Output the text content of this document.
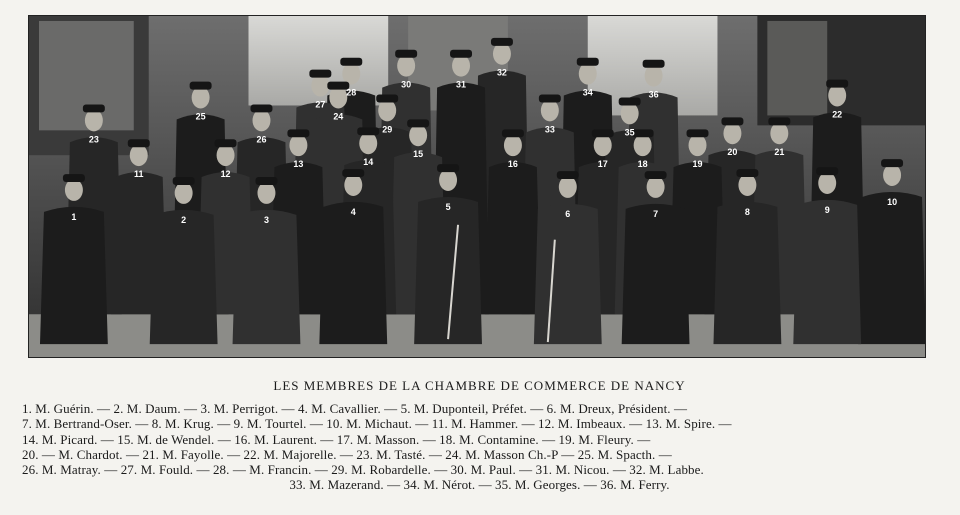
1	2	3
4	5
6	7	8	9
10
11	12
13	14
15
16	17	18	19
20	21
22
23
24
25
26
27
28
29
30	31
32
33
34
35
36
LES MEMBRES DE LA CHAMBRE DE COMMERCE DE NANCY
1. M. Guérin. — 2. M. Daum. — 3. M. Perrigot. — 4. M. Cavallier. — 5. M. Duponteil, Préfet. — 6. M. Dreux, Président. —
7. M. Bertrand-Oser. — 8. M. Krug. — 9. M. Tourtel. — 10. M. Michaut. — 11. M. Hammer. — 12. M. Imbeaux. — 13. M. Spire. —
14. M. Picard. — 15. M. de Wendel. — 16. M. Laurent. — 17. M. Masson. — 18. M. Contamine. — 19. M. Fleury. —
20. — M. Chardot. — 21. M. Fayolle. — 22. M. Majorelle. — 23. M. Tasté. — 24. M. Masson Ch.-P — 25. M. Spacth. —
26. M. Matray. — 27. M. Fould. — 28. — M. Francin. — 29. M. Robardelle. — 30. M. Paul. — 31. M. Nicou. — 32. M. Labbe.
33. M. Mazerand. — 34. M. Nérot. — 35. M. Georges. — 36. M. Ferry.
